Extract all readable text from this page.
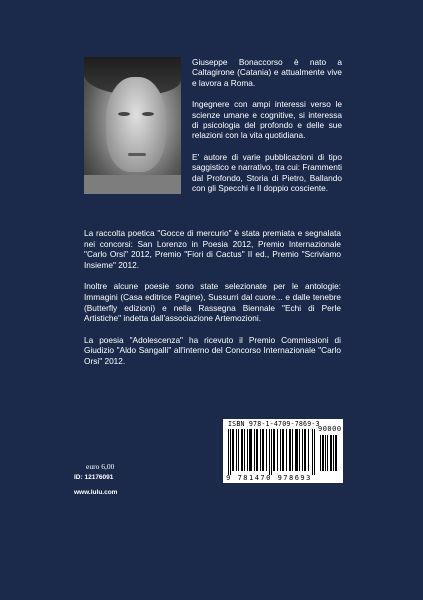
Giuseppe Bonaccorso è nato a Caltagirone (Catania) e attualmente vive e lavora a Roma.

Ingegnere con ampi interessi verso le scienze umane e cognitive, si interessa di psicologia del profondo e delle sue relazioni con la vita quotidiana.

E' autore di varie pubblicazioni di tipo saggistico e narrativo, tra cui: Frammenti dal Profondo, Storia di Pietro, Ballando con gli Specchi e Il doppio cosciente.

La raccolta poetica "Gocce di mercurio" è stata premiata e segnalata nei concorsi: San Lorenzo in Poesia 2012, Premio Internazionale "Carlo Orsi" 2012, Premio "Fiori di Cactus" II ed., Premio "Scriviamo Insieme" 2012.

Inoltre alcune poesie sono state selezionate per le antologie: Immagini (Casa editrice Pagine), Sussurri dal cuore... e dalle tenebre (Butterfly edizioni) e nella Rassegna Biennale "Echi di Perle Artistiche" indetta dall'associazione Artemozioni.

La poesia "Adolescenza" ha ricevuto il Premio Commissioni di Giudizio "Aldo Sangalli" all'interno del Concorso Internazionale "Carlo Orsi" 2012.

ISBN 978-1-4709-7869-3
90000
9 781470 978693
euro 6,00
ID: 12176091
www.lulu.com
